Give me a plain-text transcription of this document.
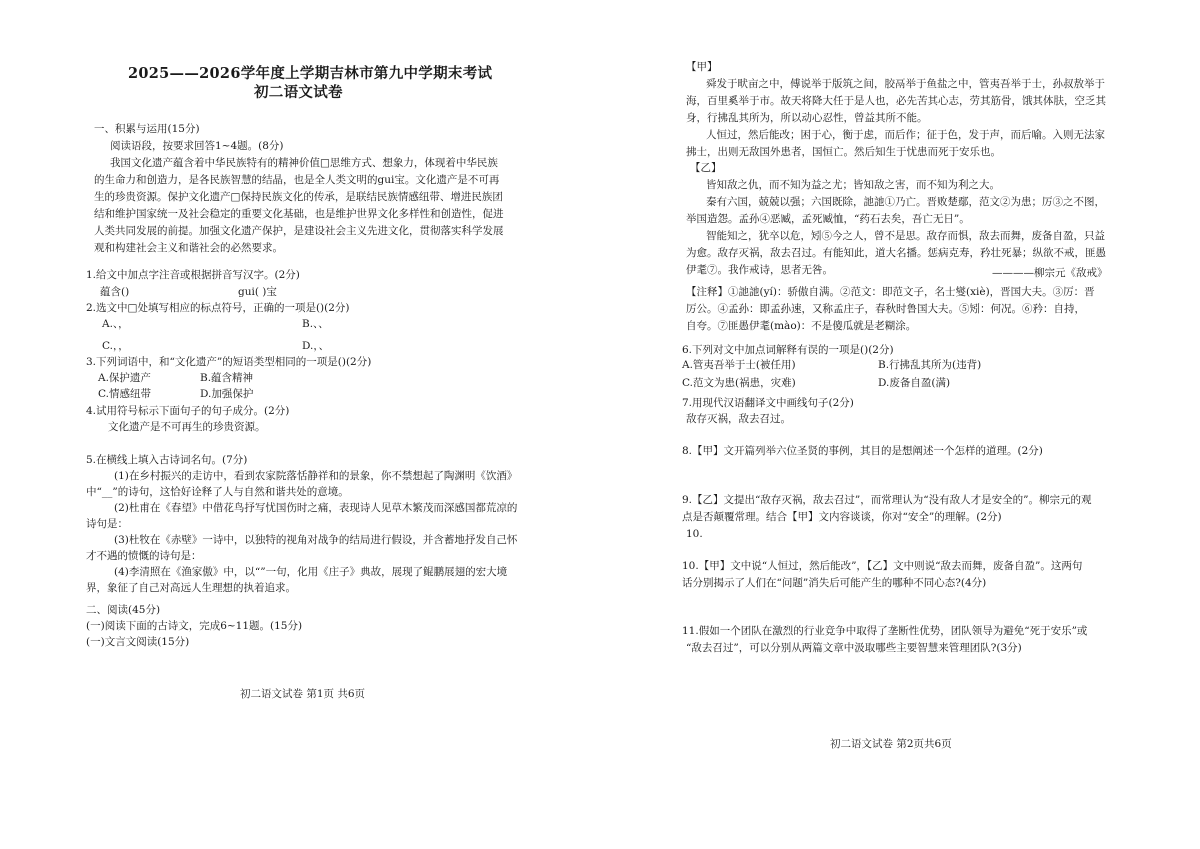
2025——2026学年度上学期吉林市第九中学期末考试
初二语文试卷
一、积累与运用(15分)
阅读语段，按要求回答1~4题。(8分)
我国文化遗产蕴含着中华民族特有的精神价值□思维方式、想象力，体现着中华民族
的生命力和创造力，是各民族智慧的结晶，也是全人类文明的gui宝。文化遗产是不可再
生的珍贵资源。保护文化遗产□保持民族文化的传承，是联结民族情感纽带、增进民族团
结和维护国家统一及社会稳定的重要文化基础，也是维护世界文化多样性和创造性，促进
人类共同发展的前提。加强文化遗产保护，是建设社会主义先进文化，贯彻落实科学发展
观和构建社会主义和谐社会的必然要求。
1.给文中加点字注音或根据拼音写汉字。(2分)
蕴含()	gui( )宝
2.选文中□处填写相应的标点符号，正确的一项是()(2分)
A.、，	B.、、
C.，，	D.，、
3.下列词语中，和“文化遗产”的短语类型相同的一项是()(2分)
A.保护遗产	B.蕴含精神
C.情感纽带	D.加强保护
4.试用符号标示下面句子的句子成分。(2分)
文化遗产是不可再生的珍贵资源。
5.在横线上填入古诗词名句。(7分)
(1)在乡村振兴的走访中，看到农家院落恬静祥和的景象，你不禁想起了陶渊明《饮酒》
中“__”的诗句，这恰好诠释了人与自然和谐共处的意境。
(2)杜甫在《春望》中借花鸟抒写忧国伤时之痛，表现诗人见草木繁茂而深感国都荒凉的
诗句是：
(3)杜牧在《赤壁》一诗中，以独特的视角对战争的结局进行假设，并含蓄地抒发自己怀
才不遇的愤慨的诗句是：
(4)李清照在《渔家傲》中，以“”一句，化用《庄子》典故，展现了鲲鹏展翅的宏大境
界，象征了自己对高远人生理想的执着追求。
二、阅读(45分)
(一)阅读下面的古诗文，完成6~11题。(15分)
(一)文言文阅读(15分)
初二语文试卷 第1页 共6页
【甲】
舜发于畎亩之中，傅说举于版筑之间，胶鬲举于鱼盐之中，管夷吾举于士，孙叔敖举于
海，百里奚举于市。故天将降大任于是人也，必先苦其心志，劳其筋骨，饿其体肤，空乏其
身，行拂乱其所为，所以动心忍性，曾益其所不能。
人恒过，然后能改；困于心，衡于虑，而后作；征于色，发于声，而后喻。入则无法家
拂士，出则无敌国外患者，国恒亡。然后知生于忧患而死于安乐也。
【乙】
皆知敌之仇，而不知为益之尤；皆知敌之害，而不知为利之大。
秦有六国，兢兢以强；六国既除，訑訑①乃亡。晋败楚鄢，范文②为患；厉③之不图，
举国造怨。孟孙④恶臧，孟死臧恤，“药石去矣，吾亡无日”。
智能知之，犹卒以危，矧⑤今之人，曾不是思。敌存而惧，敌去而舞，废备自盈，只益
为愈。敌存灭祸，敌去召过。有能知此，道大名播。惩病克寿，矜壮死暴；纵欲不戒，匪愚
伊耄⑦。我作戒诗，思者无咎。	————柳宗元《敌戒》
【注释】①訑訑(yí)：骄傲自满。②范文：即范文子，名士燮(xiè)，晋国大夫。③厉：晋
厉公。④孟孙：即孟孙速，又称孟庄子，春秋时鲁国大夫。⑤矧：何况。⑥矜：自持，
自夸。⑦匪愚伊耄(mào)：不是傻瓜就是老糊涂。
6.下列对文中加点词解释有误的一项是()(2分)
A.管夷吾举于士(被任用)	B.行拂乱其所为(违背)
C.范文为患(祸患，灾难)	D.废备自盈(满)
7.用现代汉语翻译文中画线句子(2分)
敌存灭祸，敌去召过。
8.【甲】文开篇列举六位圣贤的事例，其目的是想阐述一个怎样的道理。(2分)
9.【乙】文提出“敌存灭祸，敌去召过”，而常理认为“没有敌人才是安全的”。柳宗元的观
点是否颠覆常理。结合【甲】文内容谈谈，你对“安全”的理解。(2分)
10.
10.【甲】文中说“人恒过，然后能改”，【乙】文中则说“敌去而舞，废备自盈”。这两句
话分别揭示了人们在“问题”消失后可能产生的哪种不同心态?(4分)
11.假如一个团队在激烈的行业竞争中取得了垄断性优势，团队领导为避免“死于安乐”或
“敌去召过”，可以分别从两篇文章中汲取哪些主要智慧来管理团队?(3分)
初二语文试卷 第2页共6页
